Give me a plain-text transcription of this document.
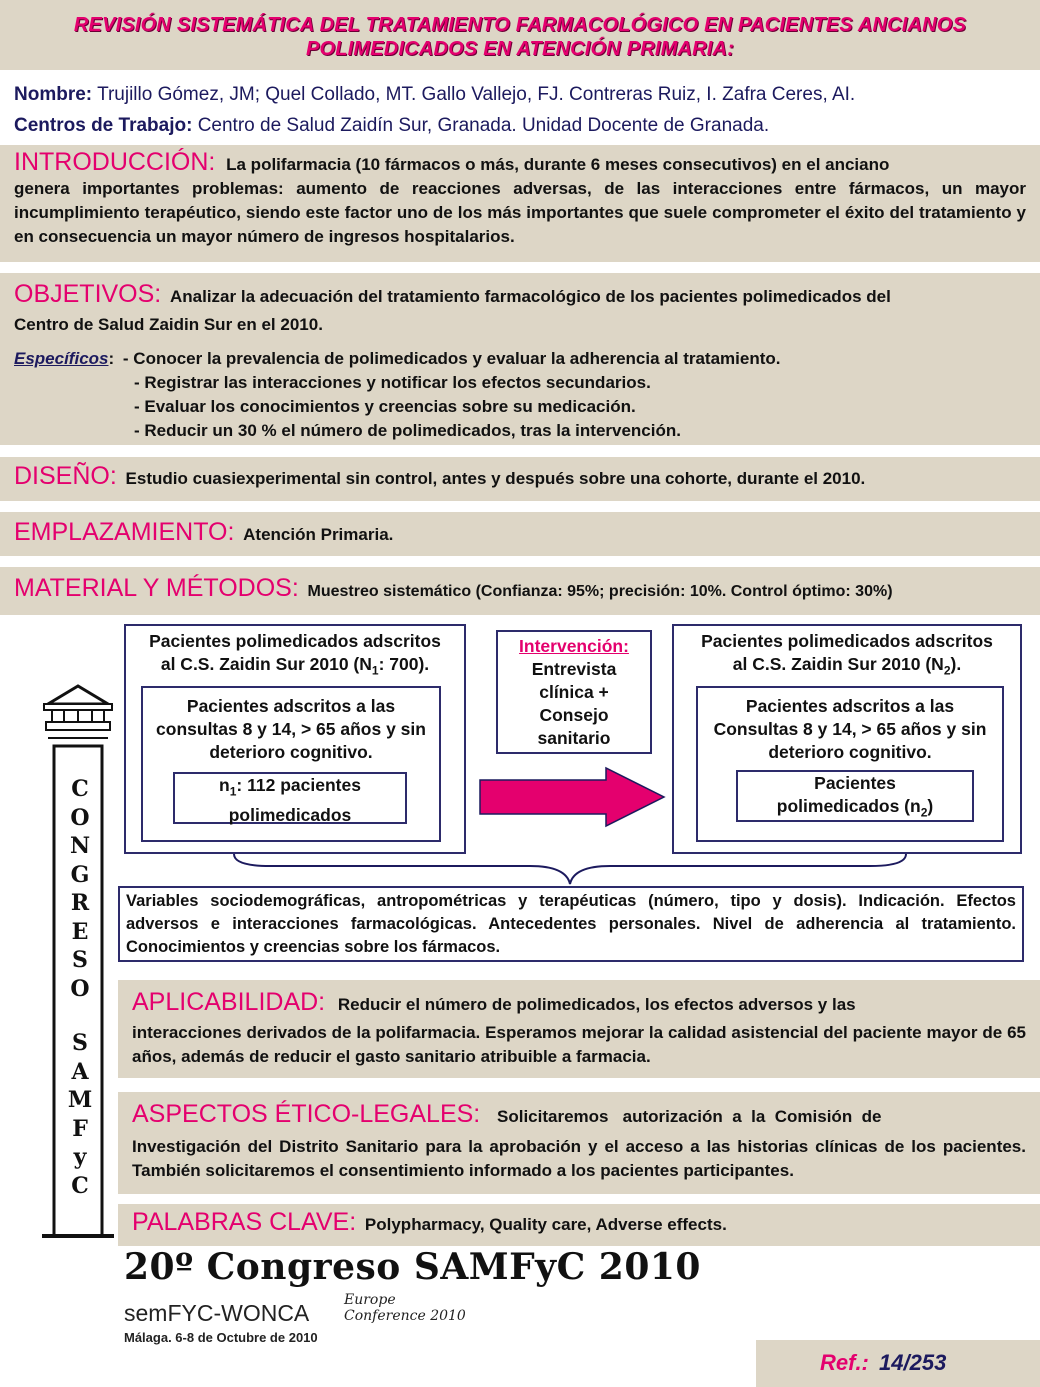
REVISIÓN SISTEMÁTICA DEL TRATAMIENTO FARMACOLÓGICO EN PACIENTES ANCIANOS
POLIMEDICADOS EN ATENCIÓN PRIMARIA:
Nombre: Trujillo Gómez, JM; Quel Collado, MT. Gallo Vallejo, FJ. Contreras Ruiz, I. Zafra Ceres, AI.
Centros de Trabajo: Centro de Salud Zaidín Sur, Granada. Unidad Docente de Granada.
INTRODUCCIÓN: La polifarmacia (10 fármacos o más, durante 6 meses consecutivos) en el anciano
genera importantes problemas: aumento de reacciones adversas, de las interacciones entre fármacos, un mayor incumplimiento terapéutico, siendo este factor uno de los más importantes que suele comprometer el éxito del tratamiento y en consecuencia un mayor número de ingresos hospitalarios.
OBJETIVOS: Analizar la adecuación del tratamiento farmacológico de los pacientes polimedicados del
Centro de Salud Zaidin Sur en el 2010.
Específicos: - Conocer la prevalencia de polimedicados y evaluar la adherencia al tratamiento.
- Registrar las interacciones y notificar los efectos secundarios.
- Evaluar los conocimientos y creencias sobre su medicación.
- Reducir un 30 % el número de polimedicados, tras la intervención.
DISEÑO: Estudio cuasiexperimental sin control, antes y después sobre una cohorte, durante el 2010.
EMPLAZAMIENTO: Atención Primaria.
MATERIAL Y MÉTODOS: Muestreo sistemático (Confianza: 95%; precisión: 10%. Control óptimo: 30%)
Pacientes polimedicados adscritos
al C.S. Zaidin Sur 2010 ($N_1$: 700).
Pacientes adscritos a las consultas 8 y 14, > 65 años y sin deterioro cognitivo.
$n_1$: 112 pacientes
polimedicados
Intervención:
Entrevista clínica + Consejo sanitario
Pacientes polimedicados adscritos
al C.S. Zaidin Sur 2010 $(N_2)$.
Pacientes adscritos a las Consultas 8 y 14, > 65 años y sin deterioro cognitivo.
Pacientes
polimedicados $(n_2)$
Variables sociodemográficas, antropométricas y terapéuticas (número, tipo y dosis). Indicación. Efectos adversos e interacciones farmacológicas. Antecedentes personales. Nivel de adherencia al tratamiento. Conocimientos y creencias sobre los fármacos.
C
O
N
G
R
E
S
O
S
A
M
F
y
C
APLICABILIDAD: Reducir el número de polimedicados, los efectos adversos y las
interacciones derivados de la polifarmacia. Esperamos mejorar la calidad asistencial del paciente mayor de 65 años, además de reducir el gasto sanitario atribuible a farmacia.
ASPECTOS ÉTICO-LEGALES: Solicitaremos   autorización  a  la  Comisión  de
Investigación del Distrito Sanitario para la aprobación y el acceso a las historias clínicas de los pacientes. También solicitaremos el consentimiento informado a los pacientes participantes.
PALABRAS CLAVE: Polypharmacy, Quality care, Adverse effects.
20º Congreso SAMFyC 2010
semFYC-WONCA Europe
Conference 2010
Málaga. 6-8 de Octubre de 2010
Ref.: 14/253
